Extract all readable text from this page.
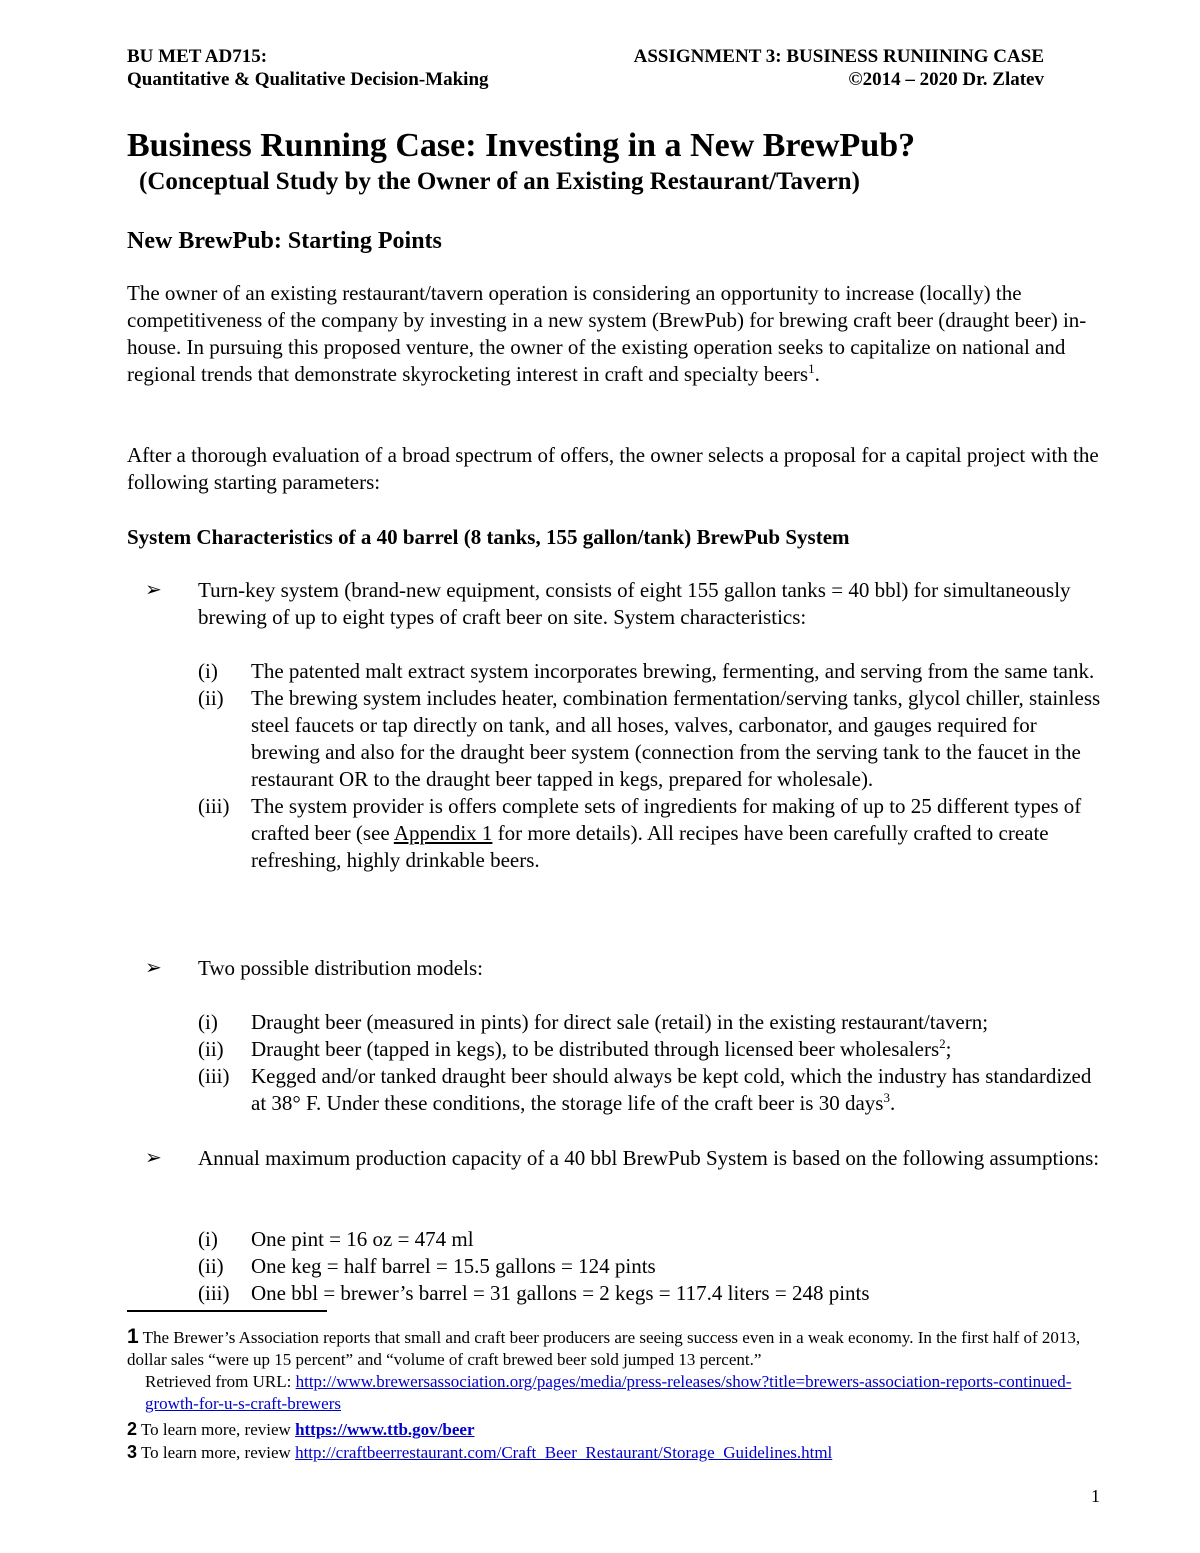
BU MET AD715:
Quantitative & Qualitative Decision-Making
ASSIGNMENT 3: BUSINESS RUNIINING CASE
©2014 – 2020 Dr. Zlatev
Business Running Case: Investing in a New BrewPub?
(Conceptual Study by the Owner of an Existing Restaurant/Tavern)
New BrewPub: Starting Points

The owner of an existing restaurant/tavern operation is considering an opportunity to increase (locally) the competitiveness of the company by investing in a new system (BrewPub) for brewing craft beer (draught beer) in-house. In pursuing this proposed venture, the owner of the existing operation seeks to capitalize on national and regional trends that demonstrate skyrocketing interest in craft and specialty beers$^1$.

After a thorough evaluation of a broad spectrum of offers, the owner selects a proposal for a capital project with the following starting parameters:

System Characteristics of a 40 barrel (8 tanks, 155 gallon/tank) BrewPub System
➢ Turn-key system (brand-new equipment, consists of eight 155 gallon tanks = 40 bbl) for simultaneously brewing of up to eight types of craft beer on site. System characteristics:
(i) The patented malt extract system incorporates brewing, fermenting, and serving from the same tank.
(ii) The brewing system includes heater, combination fermentation/serving tanks, glycol chiller, stainless steel faucets or tap directly on tank, and all hoses, valves, carbonator, and gauges required for brewing and also for the draught beer system (connection from the serving tank to the faucet in the restaurant OR to the draught beer tapped in kegs, prepared for wholesale).
(iii) The system provider is offers complete sets of ingredients for making of up to 25 different types of crafted beer (see Appendix 1 for more details). All recipes have been carefully crafted to create refreshing, highly drinkable beers.
➢ Two possible distribution models:
(i) Draught beer (measured in pints) for direct sale (retail) in the existing restaurant/tavern;
(ii) Draught beer (tapped in kegs), to be distributed through licensed beer wholesalers$^2$;
(iii) Kegged and/or tanked draught beer should always be kept cold, which the industry has standardized at 38° F. Under these conditions, the storage life of the craft beer is 30 days$^3$.
➢ Annual maximum production capacity of a 40 bbl BrewPub System is based on the following assumptions:
(i) One pint = 16 oz = 474 ml
(ii) One keg = half barrel = 15.5 gallons = 124 pints
(iii) One bbl = brewer’s barrel = 31 gallons = 2 kegs = 117.4 liters = 248 pints
1 The Brewer’s Association reports that small and craft beer producers are seeing success even in a weak economy. In the first half of 2013, dollar sales “were up 15 percent” and “volume of craft brewed beer sold jumped 13 percent.”
Retrieved from URL: http://www.brewersassociation.org/pages/media/press-releases/show?title=brewers-association-reports-continued-growth-for-u-s-craft-brewers
2 To learn more, review https://www.ttb.gov/beer
3 To learn more, review http://craftbeerrestaurant.com/Craft_Beer_Restaurant/Storage_Guidelines.html
1
